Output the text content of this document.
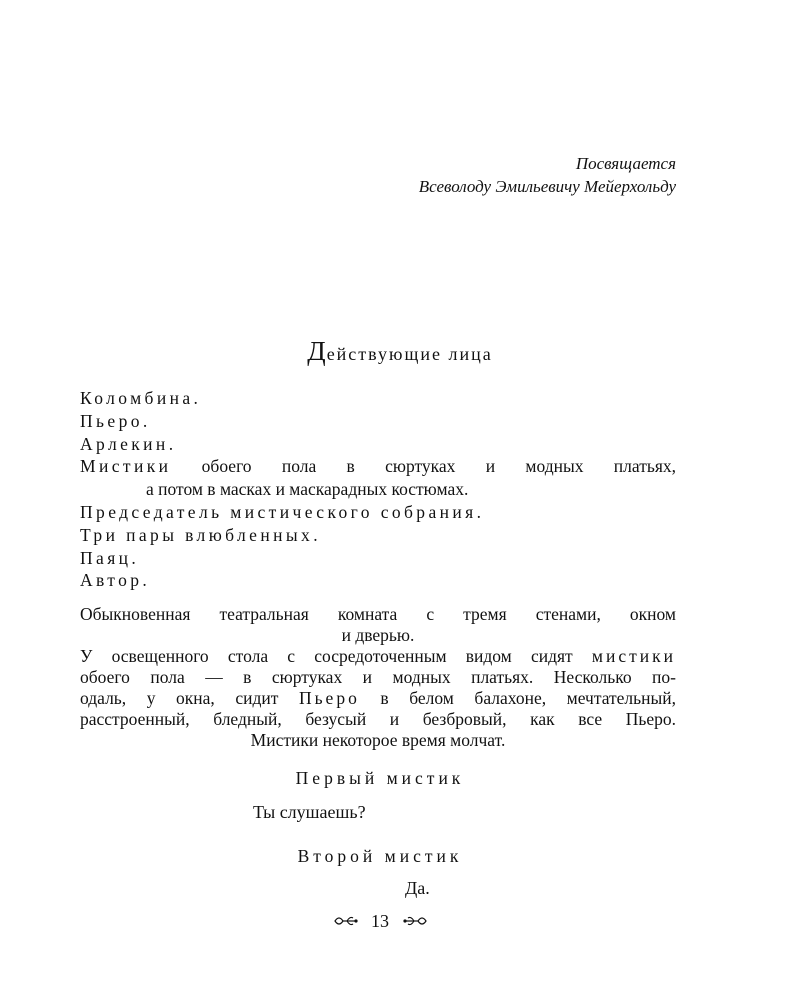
Посвящается
Всеволоду Эмильевичу Мейерхольду
Действующие лица
Коломбина.
Пьеро.
Арлекин.
Мистики обоего пола в сюртуках и модных платьях,
а потом в масках и маскарадных костюмах.
Председатель мистического собрания.
Три пары влюбленных.
Паяц.
Автор.
Обыкновенная театральная комната с тремя стенами, окном
и дверью.
У освещенного стола с сосредоточенным видом сидят мистики
обоего пола — в сюртуках и модных платьях. Несколько по-
одаль, у окна, сидит Пьеро в белом балахоне, мечтательный,
расстроенный, бледный, безусый и безбровый, как все Пьеро.
Мистики некоторое время молчат.
Первый мистик
Ты слушаешь?
Второй мистик
Да.
13
